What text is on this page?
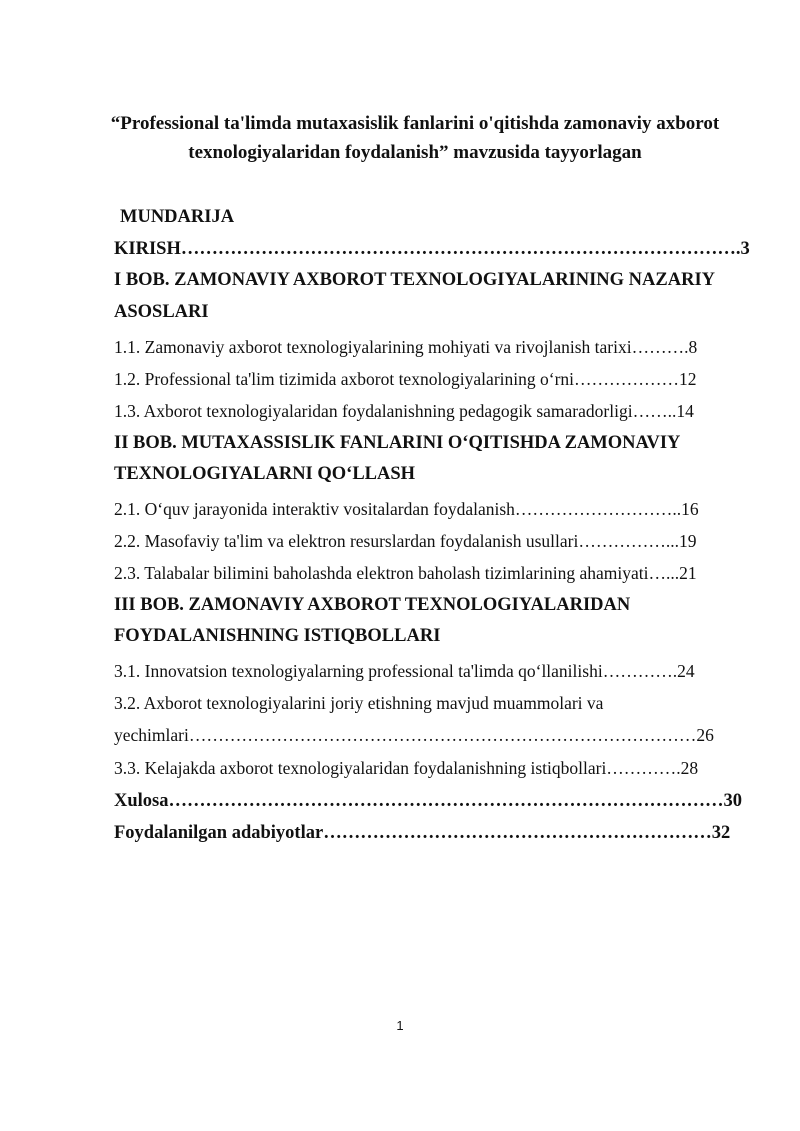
“Professional ta'limda mutaxasislik fanlarini o'qitishda zamonaviy axborot
texnologiyalaridan foydalanish” mavzusida tayyorlagan
MUNDARIJA
KIRISH……………………………………………………………………………….3
I BOB. ZAMONAVIY AXBOROT TEXNOLOGIYALARINING NAZARIY
ASOSLARI
1.1. Zamonaviy axborot texnologiyalarining mohiyati va rivojlanish tarixi……….8
1.2. Professional ta'lim tizimida axborot texnologiyalarining o‘rni………………12
1.3. Axborot texnologiyalaridan foydalanishning pedagogik samaradorligi……..14
II BOB. MUTAXASSISLIK FANLARINI O‘QITISHDA ZAMONAVIY
TEXNOLOGIYALARNI QO‘LLASH
2.1. O‘quv jarayonida interaktiv vositalardan foydalanish………………………..16
2.2. Masofaviy ta'lim va elektron resurslardan foydalanish usullari……………...19
2.3. Talabalar bilimini baholashda elektron baholash tizimlarining ahamiyati…...21
III BOB. ZAMONAVIY AXBOROT TEXNOLOGIYALARIDAN
FOYDALANISHNING ISTIQBOLLARI
3.1. Innovatsion texnologiyalarning professional ta'limda qo‘llanilishi………….24
3.2. Axborot texnologiyalarini joriy etishning mavjud muammolari va
yechimlari……………………………………………………………………………26
3.3. Kelajakda axborot texnologiyalaridan foydalanishning istiqbollari………….28
Xulosa………………………………………………………………………………30
Foydalanilgan adabiyotlar………………………………………………………32
1
